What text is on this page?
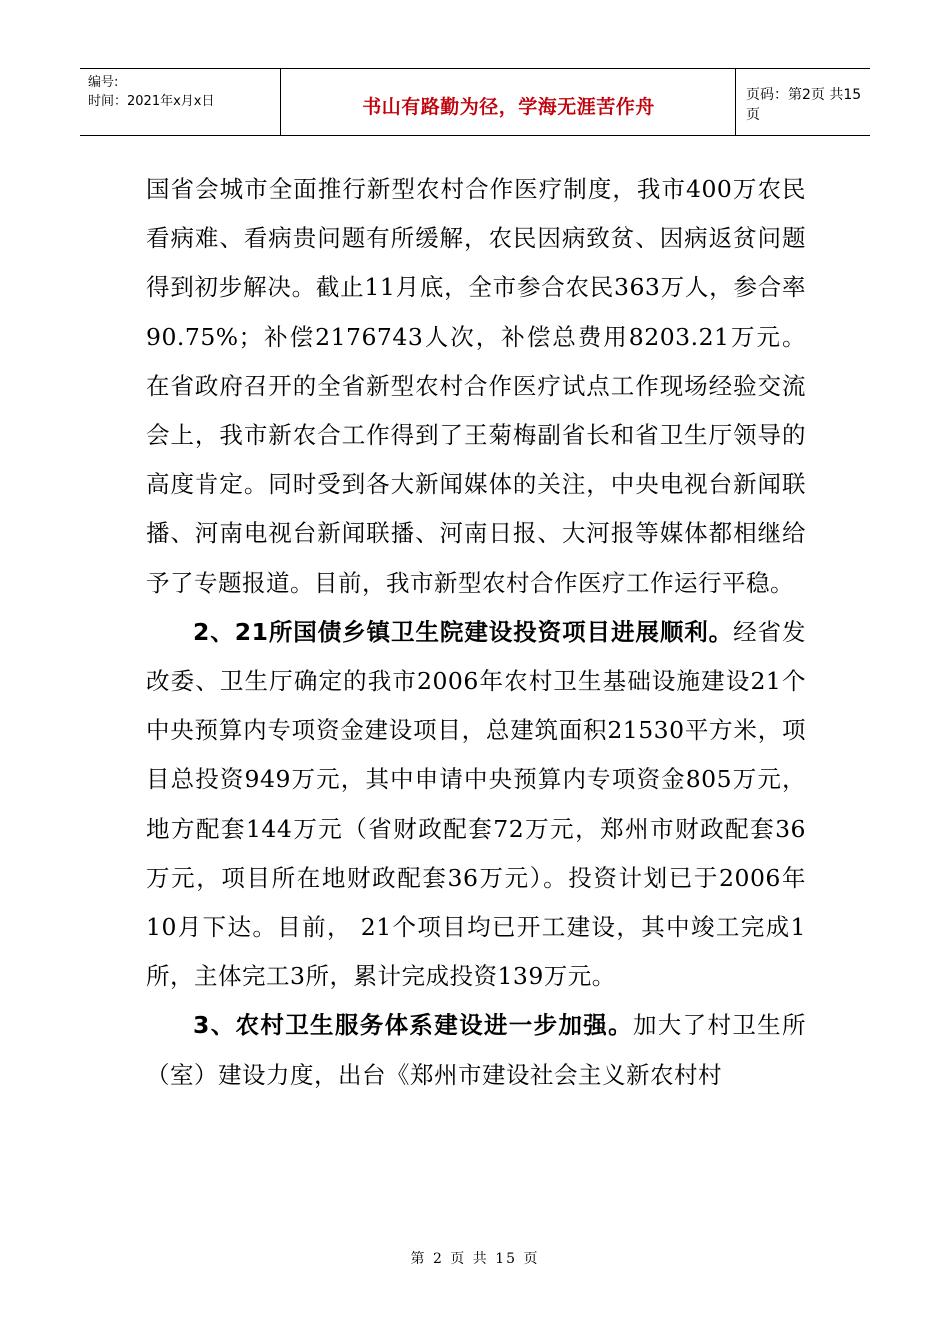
编号:
时间：2021年x月x日	书山有路勤为径，学海无涯苦作舟
页码：第2页 共15页

国省会城市全面推行新型农村合作医疗制度，我市400万农民看病难、看病贵问题有所缓解，农民因病致贫、因病返贫问题得到初步解决。截止11月底，全市参合农民363万人，参合率90.75%；补偿2176743人次，补偿总费用8203.21万元。在省政府召开的全省新型农村合作医疗试点工作现场经验交流会上，我市新农合工作得到了王菊梅副省长和省卫生厅领导的高度肯定。同时受到各大新闻媒体的关注，中央电视台新闻联播、河南电视台新闻联播、河南日报、大河报等媒体都相继给予了专题报道。目前，我市新型农村合作医疗工作运行平稳。

2、21所国债乡镇卫生院建设投资项目进展顺利。经省发改委、卫生厅确定的我市2006年农村卫生基础设施建设21个中央预算内专项资金建设项目，总建筑面积21530平方米，项目总投资949万元，其中申请中央预算内专项资金805万元，地方配套144万元（省财政配套72万元，郑州市财政配套36万元，项目所在地财政配套36万元）。投资计划已于2006年10月下达。目前， 21个项目均已开工建设，其中竣工完成1所，主体完工3所，累计完成投资139万元。

3、农村卫生服务体系建设进一步加强。加大了村卫生所（室）建设力度，出台《郑州市建设社会主义新农村村

第 2 页 共 15 页
